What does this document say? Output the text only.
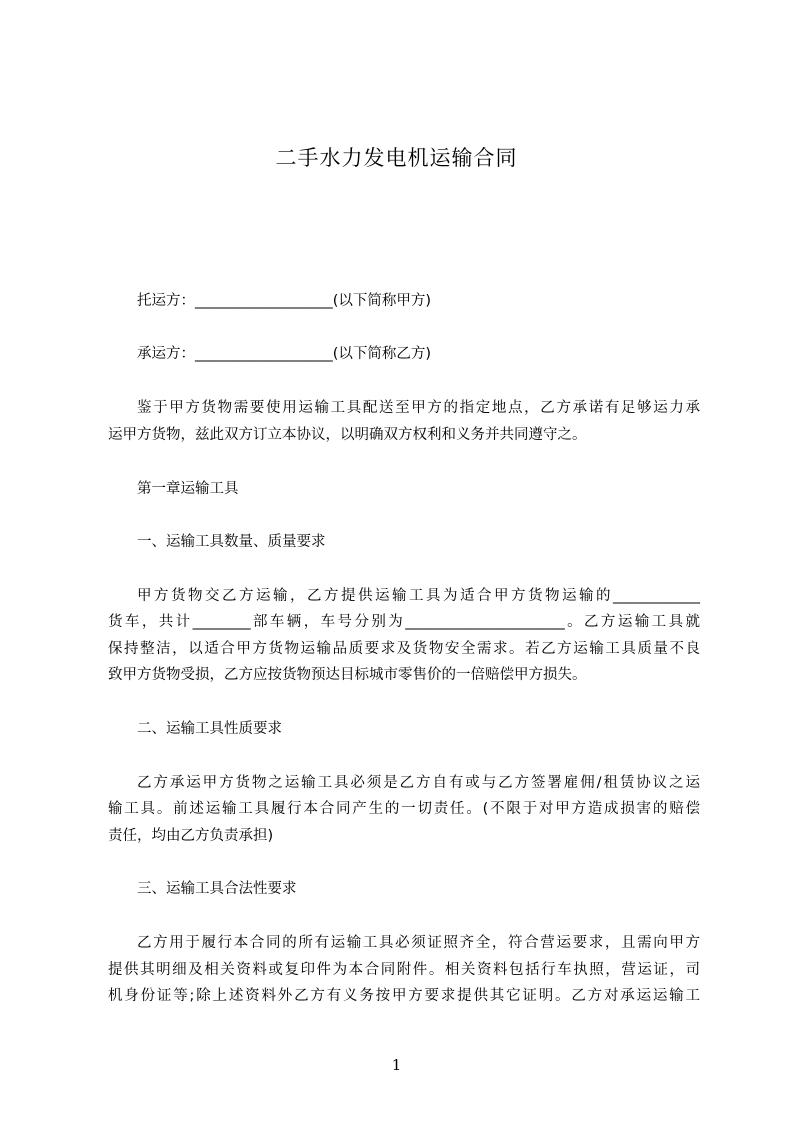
二手水力发电机运输合同
托运方：___________________(以下简称甲方)
承运方：___________________(以下简称乙方)
鉴于甲方货物需要使用运输工具配送至甲方的指定地点，乙方承诺有足够运力承
运甲方货物，兹此双方订立本协议，以明确双方权利和义务并共同遵守之。
第一章运输工具
一、运输工具数量、质量要求
甲方货物交乙方运输，乙方提供运输工具为适合甲方货物运输的____________
货车，共计________部车辆，车号分别为______________________。乙方运输工具就
保持整洁，以适合甲方货物运输品质要求及货物安全需求。若乙方运输工具质量不良
致甲方货物受损，乙方应按货物预达目标城市零售价的一倍赔偿甲方损失。
二、运输工具性质要求
乙方承运甲方货物之运输工具必须是乙方自有或与乙方签署雇佣/租赁协议之运
输工具。前述运输工具履行本合同产生的一切责任。(不限于对甲方造成损害的赔偿
责任，均由乙方负责承担)
三、运输工具合法性要求
乙方用于履行本合同的所有运输工具必须证照齐全，符合营运要求，且需向甲方
提供其明细及相关资料或复印件为本合同附件。相关资料包括行车执照，营运证，司
机身份证等;除上述资料外乙方有义务按甲方要求提供其它证明。乙方对承运运输工
1
